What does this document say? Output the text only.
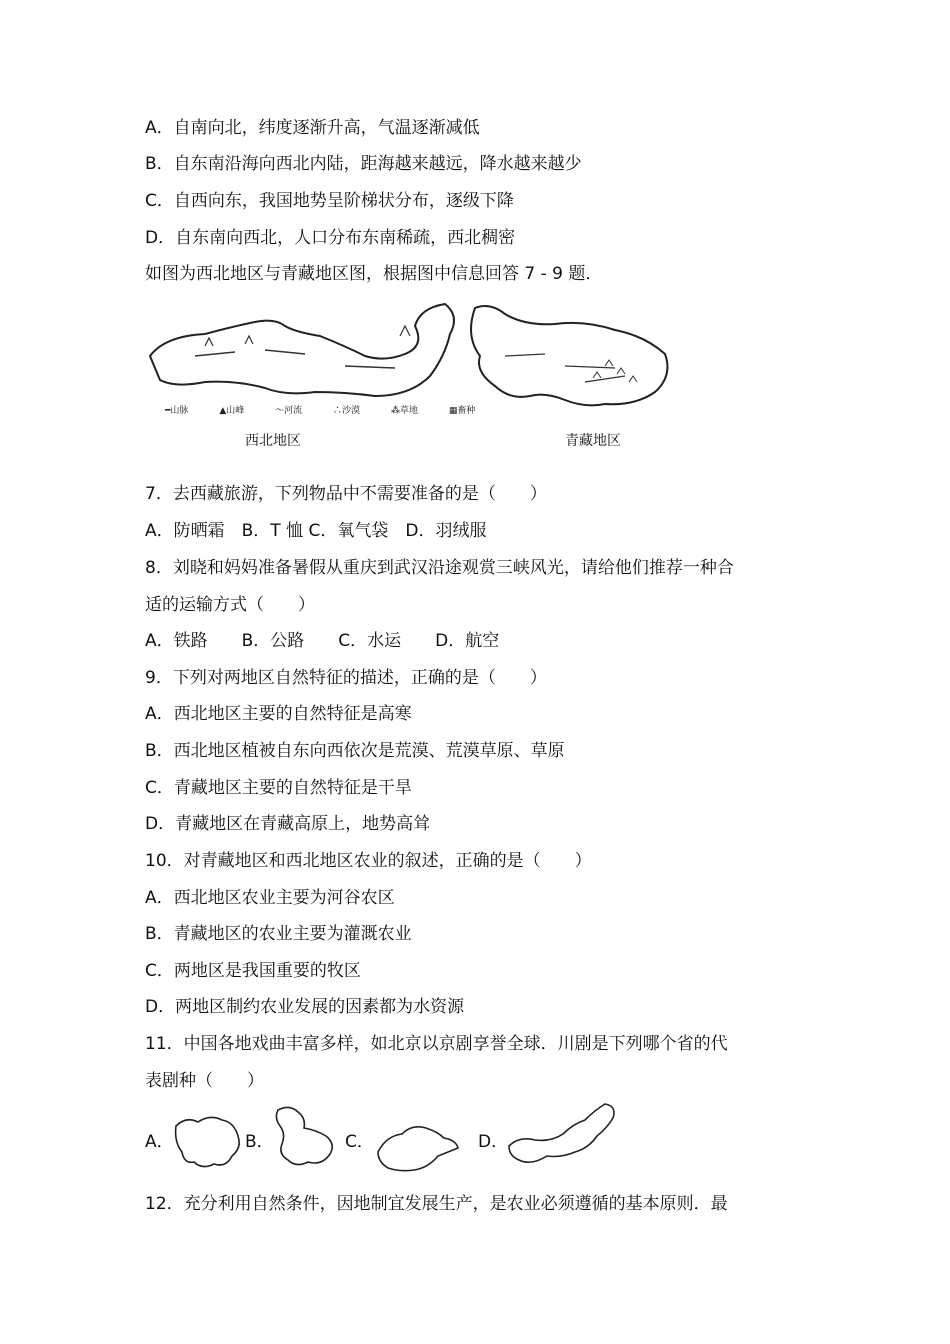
A．自南向北，纬度逐渐升高，气温逐渐减低
B．自东南沿海向西北内陆，距海越来越远，降水越来越少
C．自西向东，我国地势呈阶梯状分布，逐级下降
D．自东南向西北，人口分布东南稀疏，西北稠密
如图为西北地区与青藏地区图，根据图中信息回答 7 - 9 题．
━山脉	▲山峰	～河流	∴沙漠	⁂草地	▦畜种
西北地区	青藏地区
7．去西藏旅游，下列物品中不需要准备的是（　　）
A．防晒霜　B．T 恤 C．氧气袋　D．羽绒服
8．刘晓和妈妈准备暑假从重庆到武汉沿途观赏三峡风光，请给他们推荐一种合
适的运输方式（　　）
A．铁路　　B．公路　　C．水运　　D．航空
9．下列对两地区自然特征的描述，正确的是（　　）
A．西北地区主要的自然特征是高寒
B．西北地区植被自东向西依次是荒漠、荒漠草原、草原
C．青藏地区主要的自然特征是干旱
D．青藏地区在青藏高原上，地势高耸
10．对青藏地区和西北地区农业的叙述，正确的是（　　）
A．西北地区农业主要为河谷农区
B．青藏地区的农业主要为灌溉农业
C．两地区是我国重要的牧区
D．两地区制约农业发展的因素都为水资源
11．中国各地戏曲丰富多样，如北京以京剧享誉全球．川剧是下列哪个省的代
表剧种（　　）
A．	B．	C．	D．
12．充分利用自然条件，因地制宜发展生产，是农业必须遵循的基本原则．最
